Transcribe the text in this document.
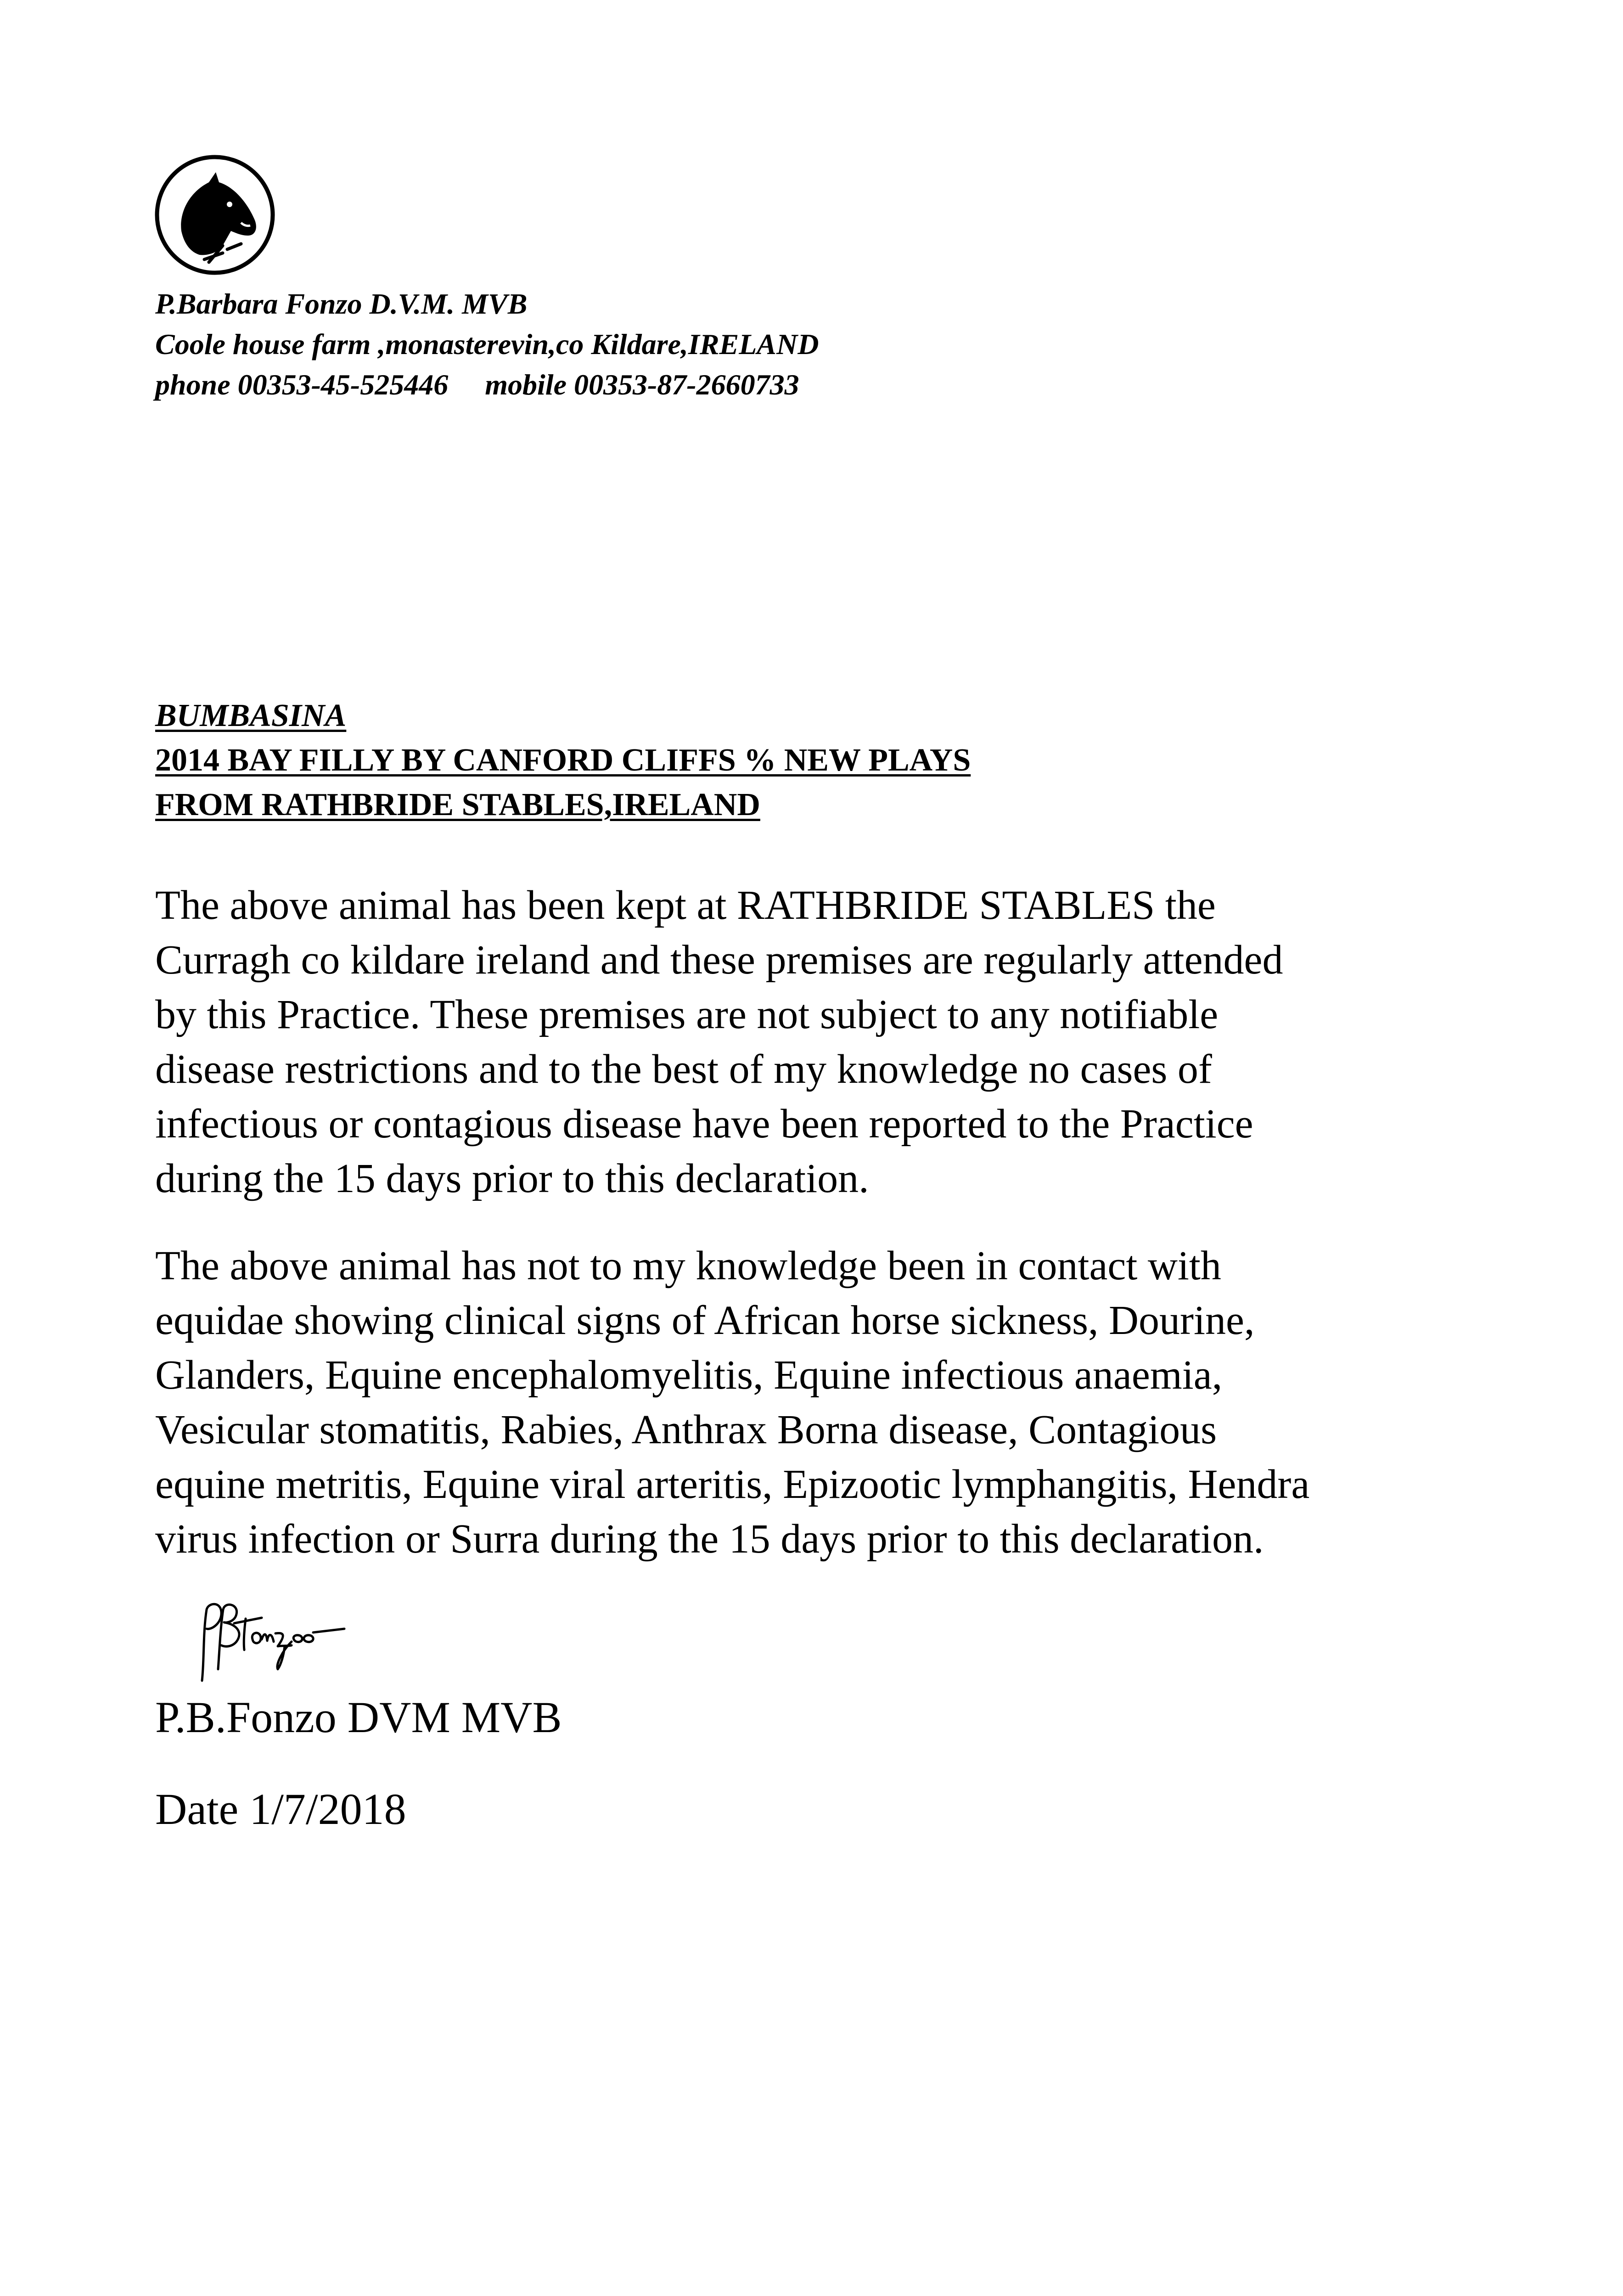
P.Barbara Fonzo D.V.M. MVB
Coole house farm ,monasterevin,co Kildare,IRELAND
phone 00353-45-525446     mobile 00353-87-2660733
BUMBASINA
2014 BAY FILLY BY CANFORD CLIFFS % NEW PLAYS
FROM RATHBRIDE STABLES,IRELAND
The above animal has been kept at RATHBRIDE STABLES the
Curragh co kildare ireland and these premises are regularly attended
by this Practice. These premises are not subject to any notifiable
disease restrictions and to the best of my knowledge no cases of
infectious or contagious disease have been reported to the Practice
during the 15 days prior to this declaration.
The above animal has not to my knowledge been in contact with
equidae showing clinical signs of African horse sickness, Dourine,
Glanders, Equine encephalomyelitis, Equine infectious anaemia,
Vesicular stomatitis, Rabies, Anthrax Borna disease, Contagious
equine metritis, Equine viral arteritis, Epizootic lymphangitis, Hendra
virus infection or Surra during the 15 days prior to this declaration.
P.B.Fonzo DVM MVB
Date 1/7/2018
